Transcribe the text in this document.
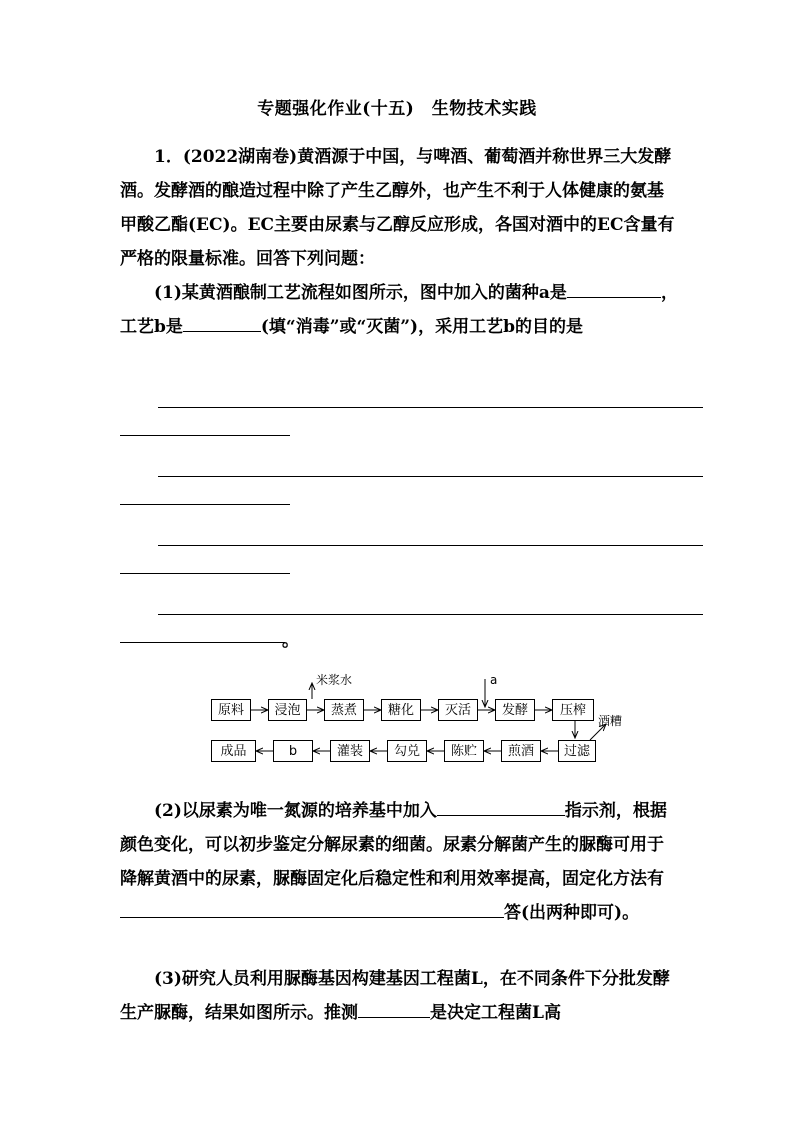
专题强化作业(十五)　生物技术实践

1．(2022湖南卷)黄酒源于中国，与啤酒、葡萄酒并称世界三大发酵酒。发酵酒的酿造过程中除了产生乙醇外，也产生不利于人体健康的氨基甲酸乙酯(EC)。EC主要由尿素与乙醇反应形成，各国对酒中的EC含量有严格的限量标准。回答下列问题：

(1)某黄酒酿制工艺流程如图所示，图中加入的菌种a是	，工艺b是	(填“消毒”或“灭菌”)，采用工艺b的目的是

。
原料	浸泡	蒸煮	糖化	灭活	发酵	压榨
成品	b	灌装	勾兑	陈贮	煎酒	过滤
米浆水	a
酒糟

(2)以尿素为唯一氮源的培养基中加入	指示剂，根据颜色变化，可以初步鉴定分解尿素的细菌。尿素分解菌产生的脲酶可用于降解黄酒中的尿素，脲酶固定化后稳定性和利用效率提高，固定化方法有答(出两种即可)。

(3)研究人员利用脲酶基因构建基因工程菌L，在不同条件下分批发酵生产脲酶，结果如图所示。推测	是决定工程菌L高
